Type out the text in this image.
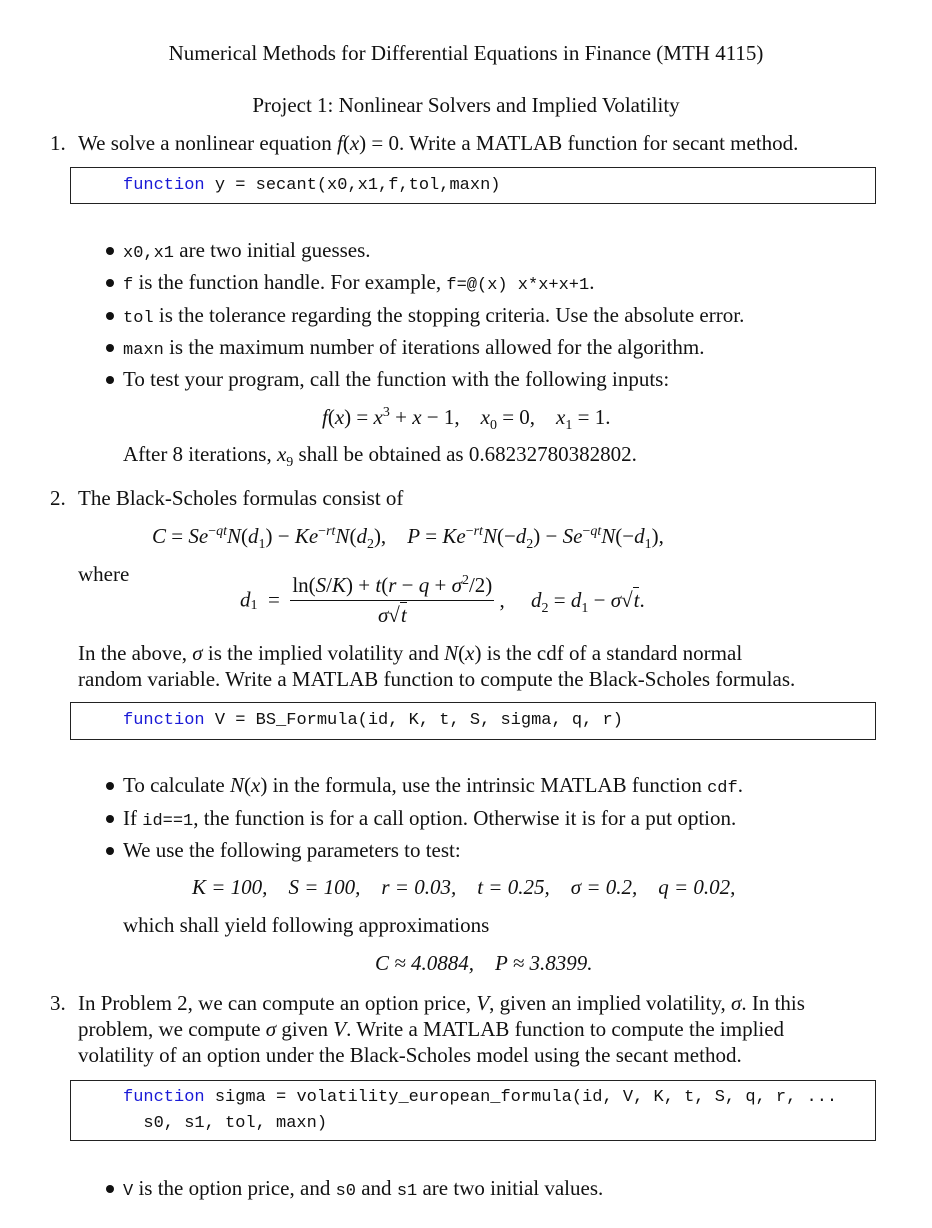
Numerical Methods for Differential Equations in Finance (MTH 4115)
Project 1: Nonlinear Solvers and Implied Volatility
1. We solve a nonlinear equation f(x) = 0. Write a MATLAB function for secant method.
function y = secant(x0,x1,f,tol,maxn)
x0,x1 are two initial guesses.
f is the function handle. For example, f=@(x) x*x+x+1.
tol is the tolerance regarding the stopping criteria. Use the absolute error.
maxn is the maximum number of iterations allowed for the algorithm.
To test your program, call the function with the following inputs:
$f(x) = x^3 + x - 1$,    $x_0 = 0$,    $x_1 = 1$.
After 8 iterations, $x_9$ shall be obtained as 0.68232780382802.
2. The Black-Scholes formulas consist of
$C = Se^{-qt}N(d_1) - Ke^{-rt}N(d_2)$,    $P = Ke^{-rt}N(-d_2) - Se^{-qt}N(-d_1)$,
where
$d_1 = \frac{\ln(S/K) + t(r - q + \sigma^2/2)}{\sigma√t}$ ,     $d_2 = d_1 - \sigma√t$.
In the above, σ is the implied volatility and N(x) is the cdf of a standard normal
random variable. Write a MATLAB function to compute the Black-Scholes formulas.
function V = BS_Formula(id, K, t, S, sigma, q, r)
To calculate N(x) in the formula, use the intrinsic MATLAB function cdf.
If id==1, the function is for a call option. Otherwise it is for a put option.
We use the following parameters to test:
K = 100, S = 100, r = 0.03, t = 0.25, σ = 0.2, q = 0.02,
which shall yield following approximations
C ≈ 4.0884, P ≈ 3.8399.
3. In Problem 2, we can compute an option price, V, given an implied volatility, σ. In this
problem, we compute σ given V. Write a MATLAB function to compute the implied
volatility of an option under the Black-Scholes model using the secant method.
function sigma = volatility_european_formula(id, V, K, t, S, q, r, ...
s0, s1, tol, maxn)
V is the option price, and s0 and s1 are two initial values.
